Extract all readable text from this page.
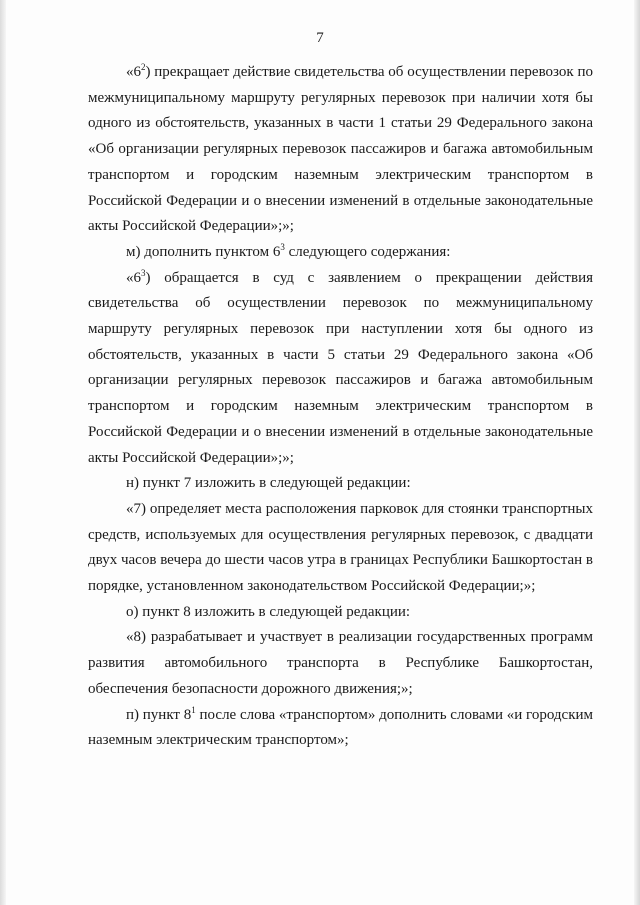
7

«$6^2$) прекращает действие свидетельства об осуществлении перевозок по межмуниципальному маршруту регулярных перевозок при наличии хотя бы одного из обстоятельств, указанных в части 1 статьи 29 Федерального закона «Об организации регулярных перевозок пассажиров и багажа автомобильным транспортом и городским наземным электрическим транспортом в Российской Федерации и о внесении изменений в отдельные законодательные акты Российской Федерации»;»;

м) дополнить пунктом $6^3$ следующего содержания:

«$6^3$) обращается в суд с заявлением о прекращении действия свидетельства об осуществлении перевозок по межмуниципальному маршруту регулярных перевозок при наступлении хотя бы одного из обстоятельств, указанных в части 5 статьи 29 Федерального закона «Об организации регулярных перевозок пассажиров и багажа автомобильным транспортом и городским наземным электрическим транспортом в Российской Федерации и о внесении изменений в отдельные законодательные акты Российской Федерации»;»;

н) пункт 7 изложить в следующей редакции:

«7) определяет места расположения парковок для стоянки транспортных средств, используемых для осуществления регулярных перевозок, с двадцати двух часов вечера до шести часов утра в границах Республики Башкортостан в порядке, установленном законодательством Российской Федерации;»;

о) пункт 8 изложить в следующей редакции:

«8) разрабатывает и участвует в реализации государственных программ развития автомобильного транспорта в Республике Башкортостан, обеспечения безопасности дорожного движения;»;

п) пункт $8^1$ после слова «транспортом» дополнить словами «и городским наземным электрическим транспортом»;
